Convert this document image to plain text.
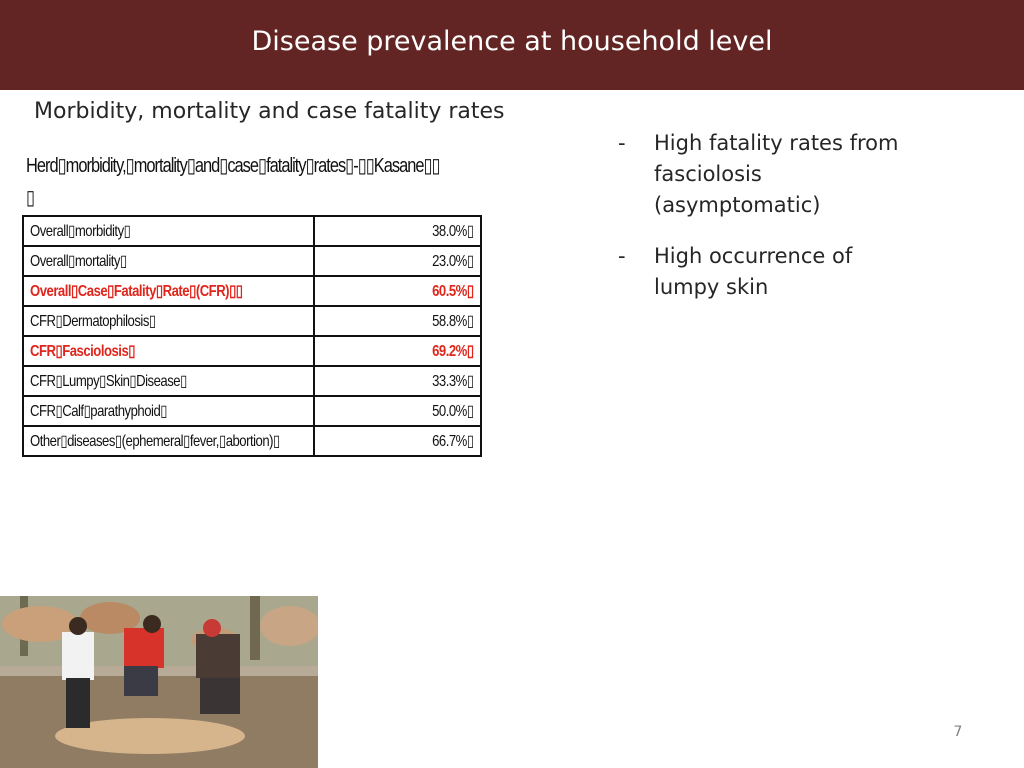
Disease prevalence at household level
Morbidity, mortality and case fatality rates
Herd▯morbidity,▯mortality▯and▯case▯fatality▯rates▯-▯▯Kasane▯▯
▯
Overall▯morbidity▯	38.0%▯
Overall▯mortality▯	23.0%▯
Overall▯Case▯Fatality▯Rate▯(CFR)▯▯	60.5%▯
CFR▯Dermatophilosis▯	58.8%▯
CFR▯Fasciolosis▯	69.2%▯
CFR▯Lumpy▯Skin▯Disease▯	33.3%▯
CFR▯Calf▯parathyphoid▯	50.0%▯
Other▯diseases▯(ephemeral▯fever,▯abortion)▯	66.7%▯
- High fatality rates from fasciolosis (asymptomatic)
- High occurrence of lumpy skin
7
